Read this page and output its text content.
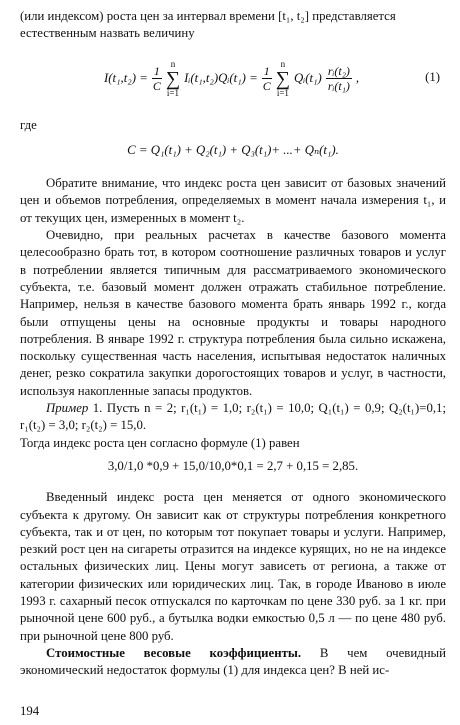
(или индексом) роста цен за интервал времени [t₁, t₂] представляется

естественным назвать величину

$I(t_1,t_2) = \frac{1}{C}$
n
∑
i=1
Iᵢ(t₁,t₂)Qᵢ(t₁) = $\frac{1}{C}$
n
∑
i=1
Qᵢ(t₁) $\frac{\text{rᵢ(t₂)}}{\text{rᵢ(t₁)}}$ ,	(1)

где

C = Q₁(t₁) + Q₂(t₁) + Q₃(t₁)+ ...+ Qₙ(t₁).

Обратите внимание, что индекс роста цен зависит от базовых значений цен и объемов потребления, определяемых в момент начала измерения t₁, и от текущих цен, измеренных в момент t₂.

Очевидно, при реальных расчетах в качестве базового момента целесообразно брать тот, в котором соотношение различных товаров и услуг в потреблении является типичным для рассматриваемого экономического субъекта, т.е. базовый момент должен отражать стабильное потребление. Например, нельзя в качестве базового момента брать январь 1992 г., когда были отпущены цены на основные продукты и товары народного потребления. В январе 1992 г. структура потребления была сильно искажена, поскольку существенная часть населения, испытывая недостаток наличных денег, резко сократила закупки дорогостоящих товаров и услуг, в частности, используя накопленные запасы продуктов.

Пример 1. Пусть n = 2; r₁(t₁) = 1,0; r₂(t₁) = 10,0; Q₁(t₁) = 0,9; Q₂(t₁)=0,1; r₁(t₂) = 3,0; r₂(t₂) = 15,0.

Тогда индекс роста цен согласно формуле (1) равен

3,0/1,0 *0,9 + 15,0/10,0*0,1 = 2,7 + 0,15 = 2,85.

Введенный индекс роста цен меняется от одного экономического субъекта к другому. Он зависит как от структуры потребления конкретного субъекта, так и от цен, по которым тот покупает товары и услуги. Например, резкий рост цен на сигареты отразится на индексе курящих, но не на индексе остальных физических лиц. Цены могут зависеть от региона, а также от категории физических или юридических лиц. Так, в городе Иваново в июле 1993 г. сахарный песок отпускался по карточкам по цене 330 руб. за 1 кг. при рыночной цене 600 руб., а бутылка водки емкостью 0,5 л — по цене 480 руб. при рыночной цене 800 руб.

Стоимостные весовые коэффициенты. В чем очевидный экономический недостаток формулы (1) для индекса цен? В ней ис-

194
